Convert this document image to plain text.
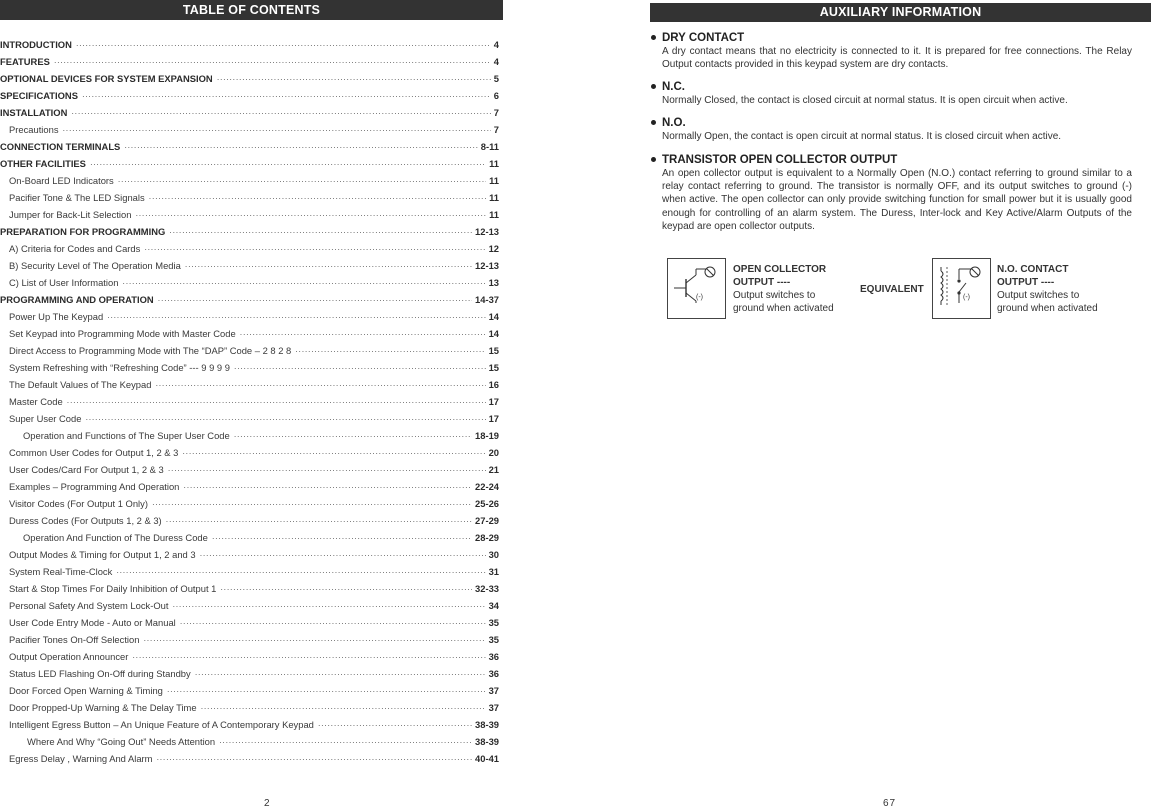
TABLE OF CONTENTS
INTRODUCTION ·····	4
FEATURES ·····	4
OPTIONAL DEVICES FOR SYSTEM EXPANSION ·····	5
SPECIFICATIONS ·····	6
INSTALLATION ·····	7
Precautions ·····	7
CONNECTION TERMINALS ·····	8-11
OTHER FACILITIES ·····	11
On-Board LED Indicators ·····	11
Pacifier Tone & The LED Signals ·····	11
Jumper for Back-Lit Selection ·····	11
PREPARATION FOR PROGRAMMING ·····	12-13
A) Criteria for Codes and Cards ·····	12
B) Security Level of The Operation Media ·····	12-13
C) List of User Information ·····	13
PROGRAMMING AND OPERATION ·····	14-37
Power Up The Keypad ·····	14
Set Keypad into Programming Mode with Master Code ·····	14
Direct Access to Programming Mode with The “DAP” Code – 2 8 2 8 ·····	15
System Refreshing with “Refreshing Code” --- 9 9 9 9 ·····	15
The Default Values of The Keypad ·····	16
Master Code ·····	17
Super User Code ·····	17
Operation and Functions of The Super User Code ·····	18-19
Common User Codes for Output 1, 2 & 3 ·····	20
User Codes/Card For Output 1, 2 & 3 ·····	21
Examples – Programming And Operation ·····	22-24
Visitor Codes (For Output 1 Only) ·····	25-26
Duress Codes (For Outputs 1, 2 & 3) ·····	27-29
Operation And Function of The Duress Code ·····	28-29
Output Modes & Timing for Output 1, 2 and 3 ·····	30
System Real-Time-Clock ·····	31
Start & Stop Times For Daily Inhibition of Output 1 ·····	32-33
Personal Safety And System Lock-Out ·····	34
User Code Entry Mode - Auto or Manual ·····	35
Pacifier Tones On-Off Selection ·····	35
Output Operation Announcer ·····	36
Status LED Flashing On-Off during Standby ·····	36
Door Forced Open Warning & Timing ·····	37
Door Propped-Up Warning & The Delay Time ·····	37
Intelligent Egress Button – An Unique Feature of A Contemporary Keypad ·····	38-39
Where And Why “Going Out” Needs Attention ·····	38-39
Egress Delay , Warning And Alarm ·····	40-41
2
AUXILIARY INFORMATION
DRY CONTACT
A dry contact means that no electricity is connected to it. It is prepared for free connections. The Relay Output contacts provided in this keypad system are dry contacts.
N.C.
Normally Closed, the contact is closed circuit at normal status. It is open circuit when active.
N.O.
Normally Open, the contact is open circuit at normal status. It is closed circuit when active.
TRANSISTOR OPEN COLLECTOR OUTPUT
An open collector output is equivalent to a Normally Open (N.O.) contact referring to ground similar to a relay contact referring to ground. The transistor is normally OFF, and its output switches to ground (-) when active. The open collector can only provide switching function for small power but it is usually good enough for controlling of an alarm system. The Duress, Inter-lock and Key Active/Alarm Outputs of the keypad are open collector outputs.
(-)
OPEN COLLECTOR
OUTPUT ----
Output switches to
ground when activated
EQUIVALENT
(-)
N.O. CONTACT
OUTPUT ----
Output switches to
ground when activated
67
